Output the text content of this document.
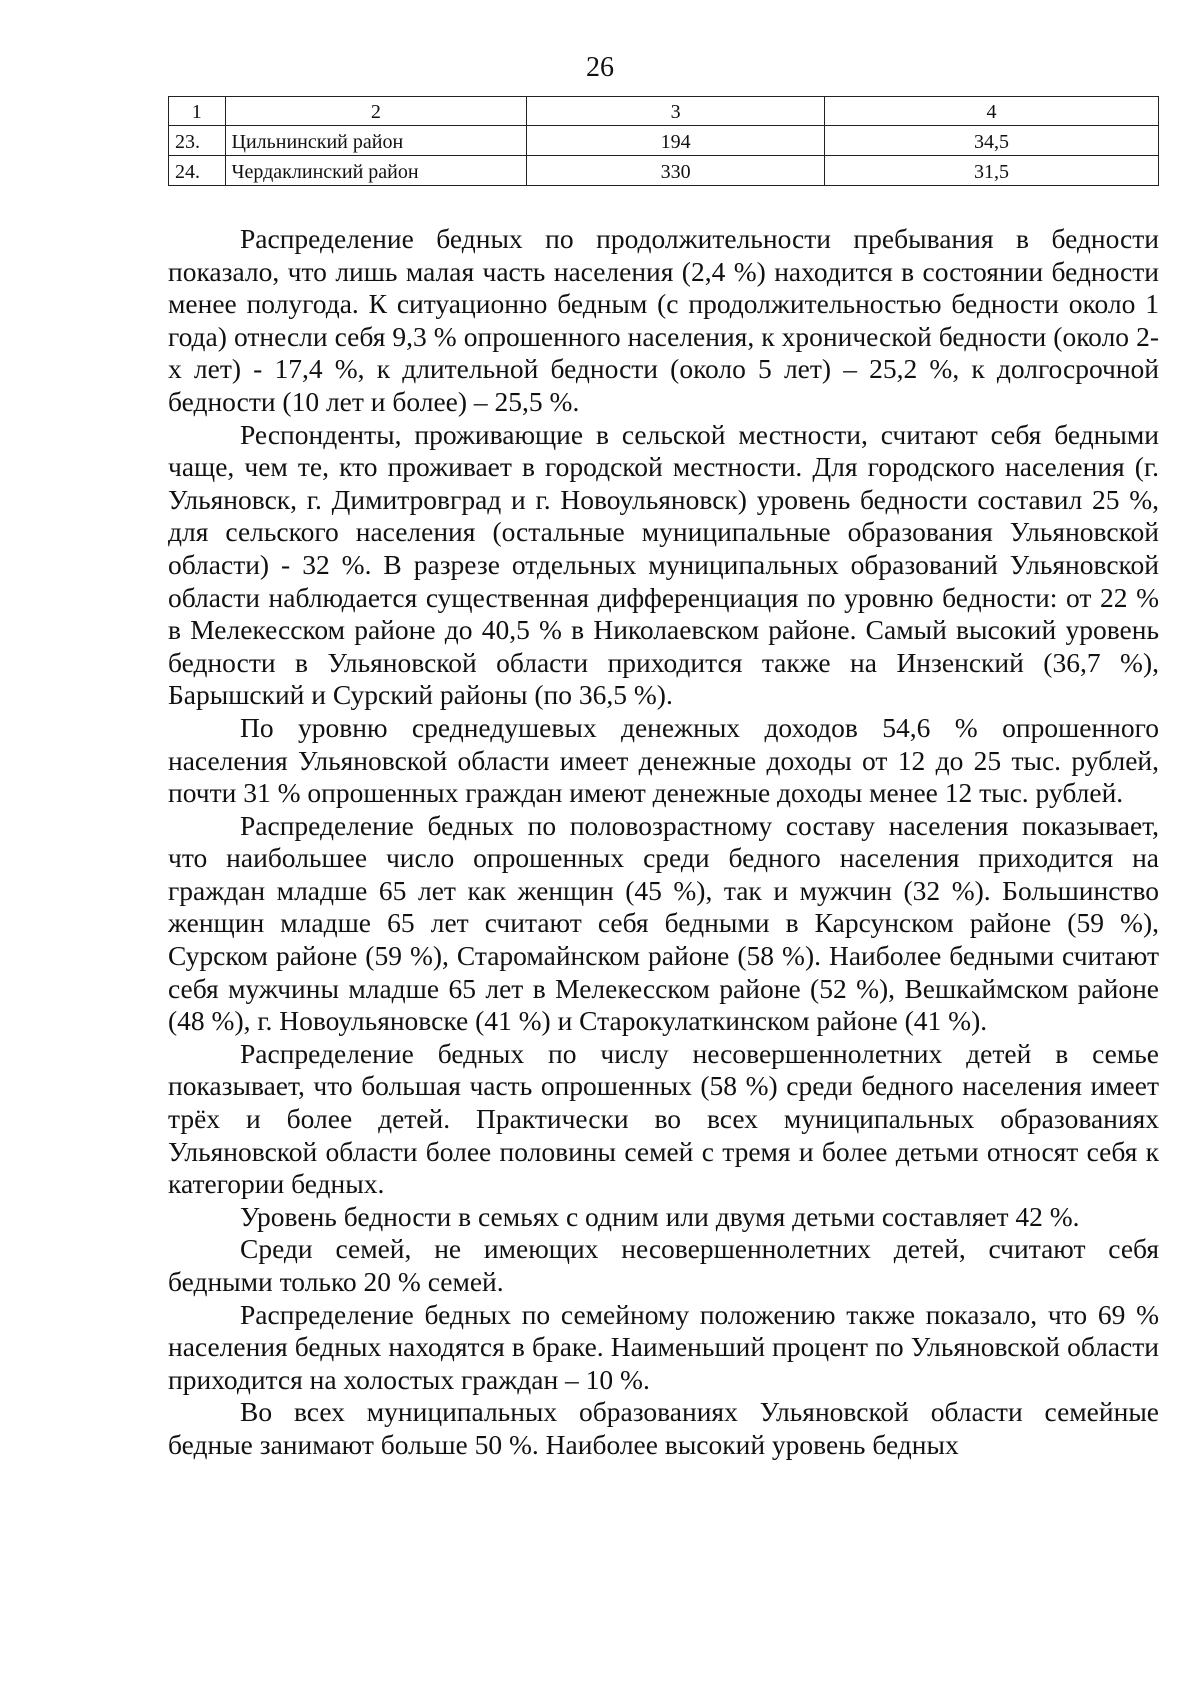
26
1	2	3	4
23.	Цильнинский район	194	34,5
24.	Чердаклинский район	330	31,5

Распределение бедных по продолжительности пребывания в бедности показало, что лишь малая часть населения (2,4 %) находится в состоянии бедности менее полугода. К ситуационно бедным (с продолжительностью бедности около 1 года) отнесли себя 9,3 % опрошенного населения, к хронической бедности (около 2-х лет) - 17,4 %, к длительной бедности (около 5 лет) – 25,2 %, к долгосрочной бедности (10 лет и более) – 25,5 %.

Респонденты, проживающие в сельской местности, считают себя бедными чаще, чем те, кто проживает в городской местности. Для городского населения (г. Ульяновск, г. Димитровград и г. Новоульяновск) уровень бедности составил 25 %, для сельского населения (остальные муниципальные образования Ульяновской области) - 32 %. В разрезе отдельных муниципальных образований Ульяновской области наблюдается существенная дифференциация по уровню бедности: от 22 % в Мелекесском районе до 40,5 % в Николаевском районе. Самый высокий уровень бедности в Ульяновской области приходится также на Инзенский (36,7 %), Барышский и Сурский районы (по 36,5 %).

По уровню среднедушевых денежных доходов 54,6 % опрошенного населения Ульяновской области имеет денежные доходы от 12 до 25 тыс. рублей, почти 31 % опрошенных граждан имеют денежные доходы менее 12 тыс. рублей.

Распределение бедных по половозрастному составу населения показывает, что наибольшее число опрошенных среди бедного населения приходится на граждан младше 65 лет как женщин (45 %), так и мужчин (32 %). Большинство женщин младше 65 лет считают себя бедными в Карсунском районе (59 %), Сурском районе (59 %), Старомайнском районе (58 %). Наиболее бедными считают себя мужчины младше 65 лет в Мелекесском районе (52 %), Вешкаймском районе (48 %), г. Новоульяновске (41 %) и Старокулаткинском районе (41 %).

Распределение бедных по числу несовершеннолетних детей в семье показывает, что большая часть опрошенных (58 %) среди бедного населения имеет трёх и более детей. Практически во всех муниципальных образованиях Ульяновской области более половины семей с тремя и более детьми относят себя к категории бедных.

Уровень бедности в семьях с одним или двумя детьми составляет 42 %.

Среди семей, не имеющих несовершеннолетних детей, считают себя бедными только 20 % семей.

Распределение бедных по семейному положению также показало, что 69 % населения бедных находятся в браке. Наименьший процент по Ульяновской области приходится на холостых граждан – 10 %.

Во всех муниципальных образованиях Ульяновской области семейные бедные занимают больше 50 %. Наиболее высокий уровень бедных
